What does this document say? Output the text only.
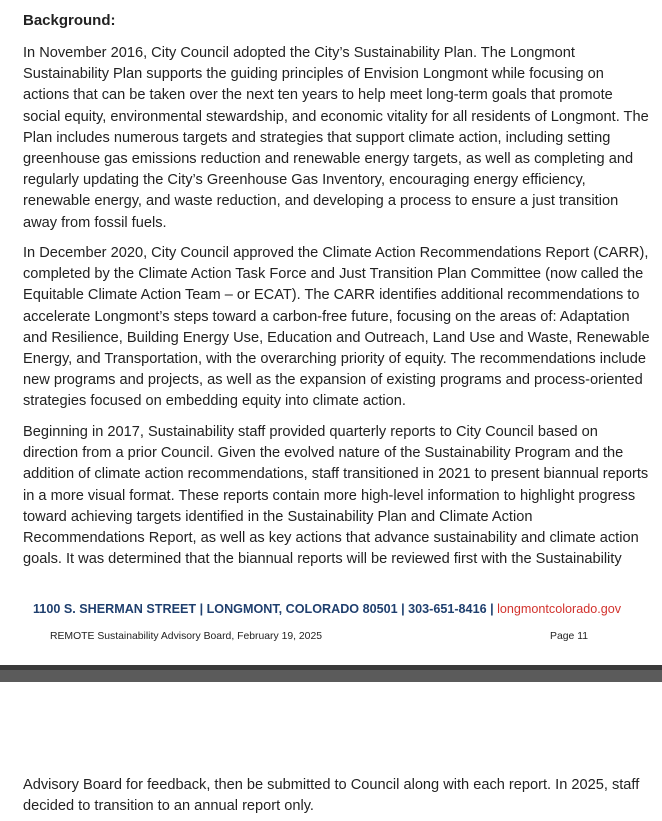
Background:

In November 2016, City Council adopted the City’s Sustainability Plan. The Longmont Sustainability Plan supports the guiding principles of Envision Longmont while focusing on actions that can be taken over the next ten years to help meet long-term goals that promote social equity, environmental stewardship, and economic vitality for all residents of Longmont. The Plan includes numerous targets and strategies that support climate action, including setting greenhouse gas emissions reduction and renewable energy targets, as well as completing and regularly updating the City’s Greenhouse Gas Inventory, encouraging energy efficiency, renewable energy, and waste reduction, and developing a process to ensure a just transition away from fossil fuels.

In December 2020, City Council approved the Climate Action Recommendations Report (CARR), completed by the Climate Action Task Force and Just Transition Plan Committee (now called the Equitable Climate Action Team – or ECAT). The CARR identifies additional recommendations to accelerate Longmont’s steps toward a carbon-free future, focusing on the areas of: Adaptation and Resilience, Building Energy Use, Education and Outreach, Land Use and Waste, Renewable Energy, and Transportation, with the overarching priority of equity. The recommendations include new programs and projects, as well as the expansion of existing programs and process-oriented strategies focused on embedding equity into climate action.

Beginning in 2017, Sustainability staff provided quarterly reports to City Council based on direction from a prior Council. Given the evolved nature of the Sustainability Program and the addition of climate action recommendations, staff transitioned in 2021 to present biannual reports in a more visual format. These reports contain more high-level information to highlight progress toward achieving targets identified in the Sustainability Plan and Climate Action Recommendations Report, as well as key actions that advance sustainability and climate action goals. It was determined that the biannual reports will be reviewed first with the Sustainability

1100 S. SHERMAN STREET | LONGMONT, COLORADO 80501 | 303-651-8416 | longmontcolorado.gov
REMOTE Sustainability Advisory Board, February 19, 2025	Page 11

Advisory Board for feedback, then be submitted to Council along with each report. In 2025, staff decided to transition to an annual report only.
